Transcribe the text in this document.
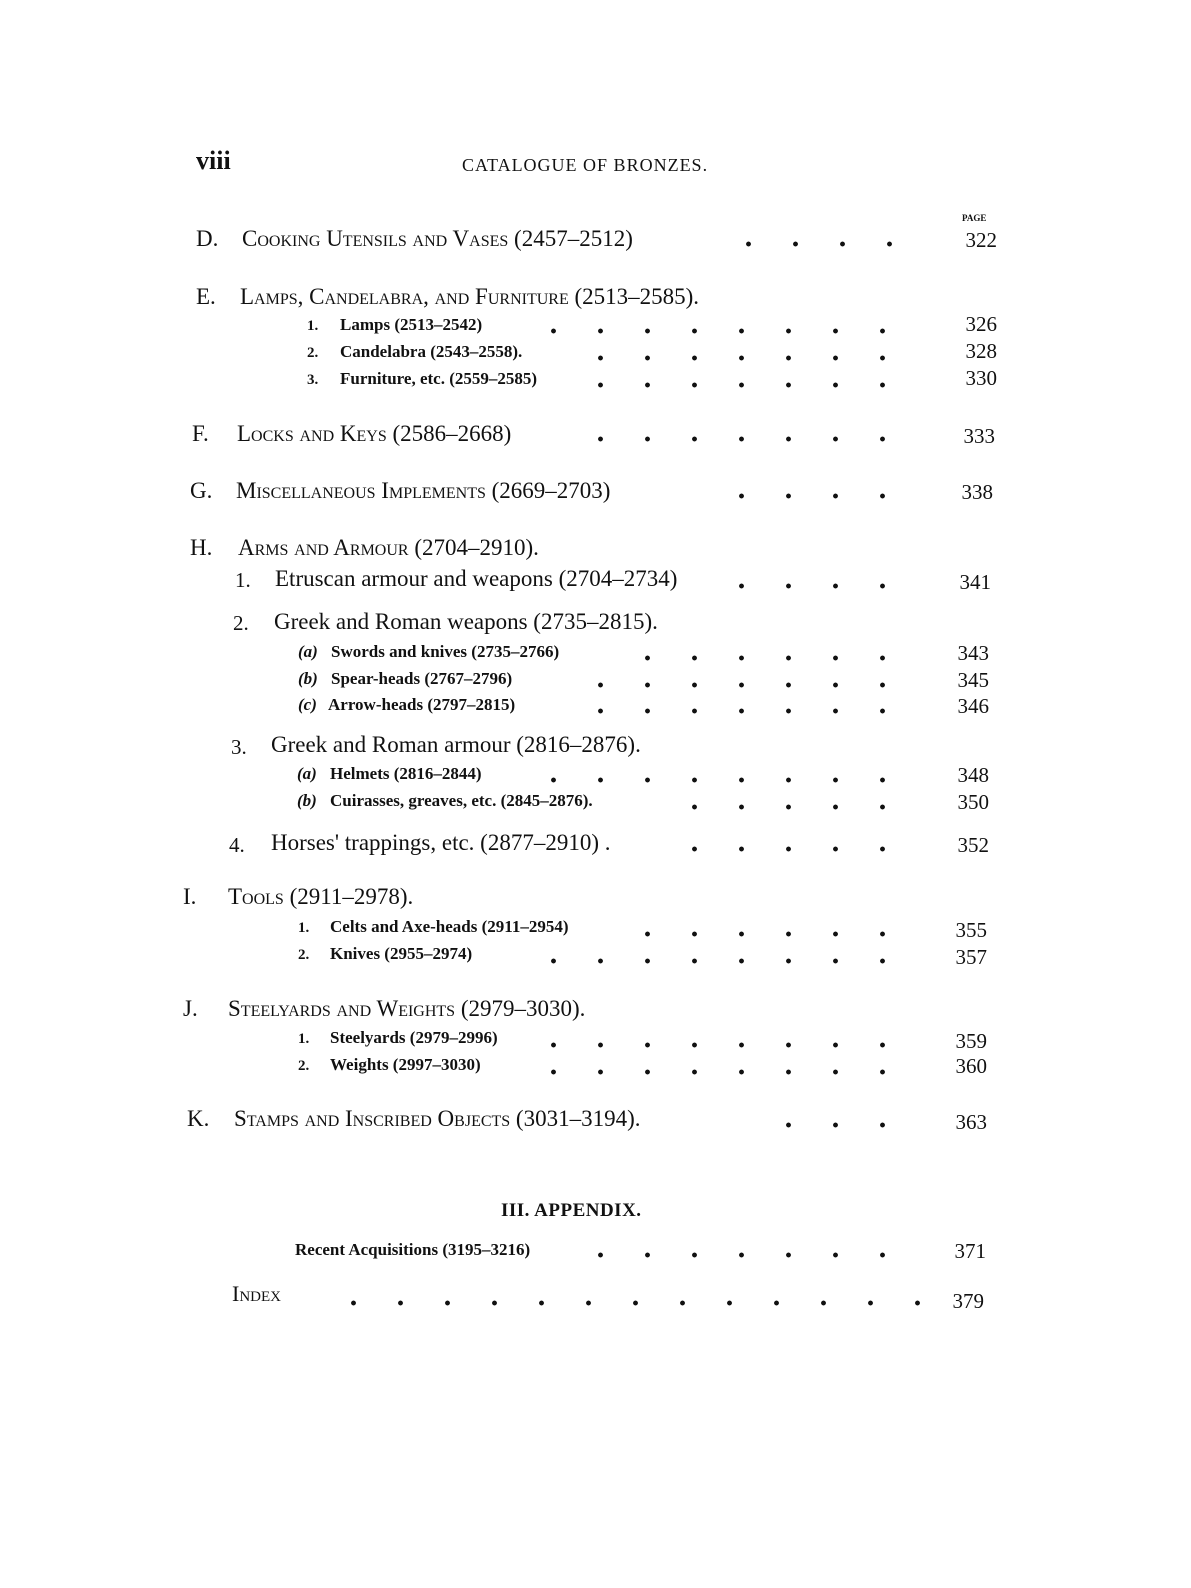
viii	CATALOGUE OF BRONZES.
PAGE
D. Cooking Utensils and Vases (2457–2512)	322
E. Lamps, Candelabra, and Furniture (2513–2585).
1. Lamps (2513–2542)	326
2. Candelabra (2543–2558).	328
3. Furniture, etc. (2559–2585)	330
F. Locks and Keys (2586–2668)	333
G. Miscellaneous Implements (2669–2703)	338
H. Arms and Armour (2704–2910).
1. Etruscan armour and weapons (2704–2734)	341
2. Greek and Roman weapons (2735–2815).
(a) Swords and knives (2735–2766)	343
(b) Spear-heads (2767–2796)	345
(c) Arrow-heads (2797–2815)	346
3. Greek and Roman armour (2816–2876).
(a) Helmets (2816–2844)	348
(b) Cuirasses, greaves, etc. (2845–2876).	350
4. Horses' trappings, etc. (2877–2910) .	352
I. Tools (2911–2978).
1. Celts and Axe-heads (2911–2954)	355
2. Knives (2955–2974)	357
J. Steelyards and Weights (2979–3030).
1. Steelyards (2979–2996)	359
2. Weights (2997–3030)	360
K. Stamps and Inscribed Objects (3031–3194).	363
III. APPENDIX.
Recent Acquisitions (3195–3216)	371
Index	379
